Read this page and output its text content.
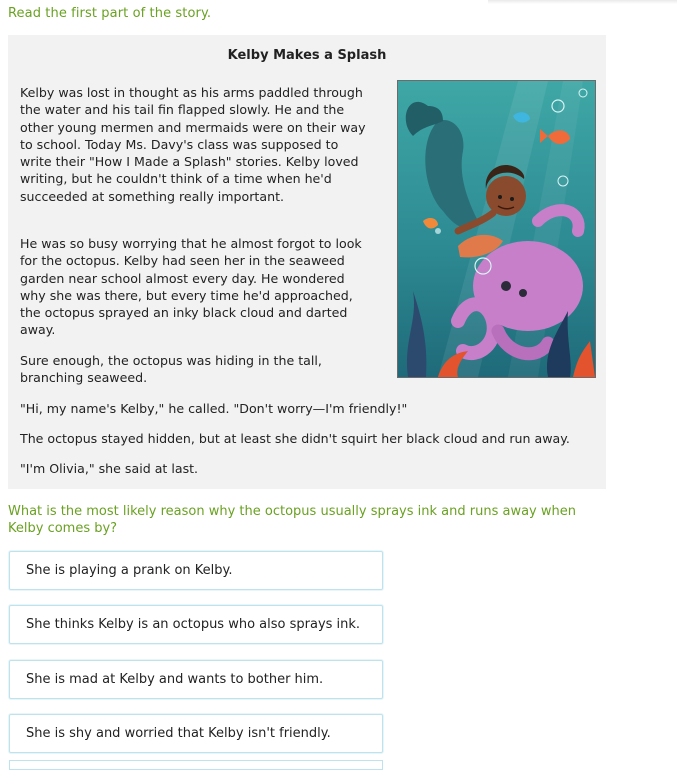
Read the first part of the story.
Kelby Makes a Splash

Kelby was lost in thought as his arms paddled through the water and his tail fin flapped slowly. He and the other young mermen and mermaids were on their way to school. Today Ms. Davy's class was supposed to write their "How I Made a Splash" stories. Kelby loved writing, but he couldn't think of a time when he'd succeeded at something really important.

He was so busy worrying that he almost forgot to look for the octopus. Kelby had seen her in the seaweed garden near school almost every day. He wondered why she was there, but every time he'd approached, the octopus sprayed an inky black cloud and darted away.

Sure enough, the octopus was hiding in the tall, branching seaweed.

"Hi, my name's Kelby," he called. "Don't worry—I'm friendly!"

The octopus stayed hidden, but at least she didn't squirt her black cloud and run away.

"I'm Olivia," she said at last.

What is the most likely reason why the octopus usually sprays ink and runs away when Kelby comes by?
She is playing a prank on Kelby.
She thinks Kelby is an octopus who also sprays ink.
She is mad at Kelby and wants to bother him.
She is shy and worried that Kelby isn't friendly.
